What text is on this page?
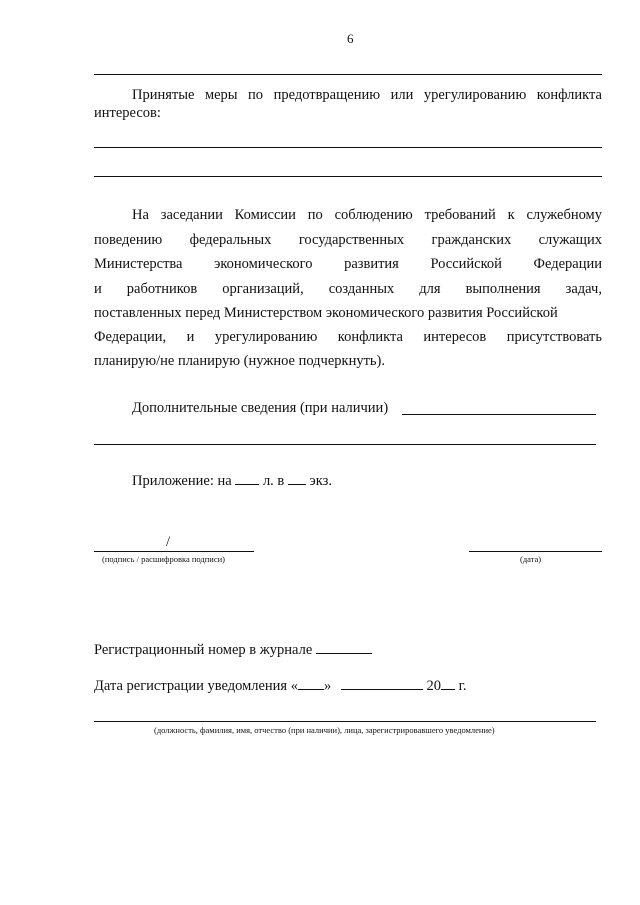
6
Принятые меры по предотвращению или урегулированию конфликта
интересов:
На заседании Комиссии по соблюдению требований к служебному
поведению федеральных государственных гражданских служащих
Министерства экономического развития Российской Федерации
и работников организаций, созданных для выполнения задач,
поставленных перед Министерством экономического развития Российской
Федерации, и урегулированию конфликта интересов присутствовать
планирую/не планирую (нужное подчеркнуть).
Дополнительные сведения (при наличии)
Приложение: на л. в экз.
/
(подпись / расшифровка подписи)	(дата)
Регистрационный номер в журнале
Дата регистрации уведомления « »	20 г.
(должность, фамилия, имя, отчество (при наличии), лица, зарегистрировавшего уведомление)
